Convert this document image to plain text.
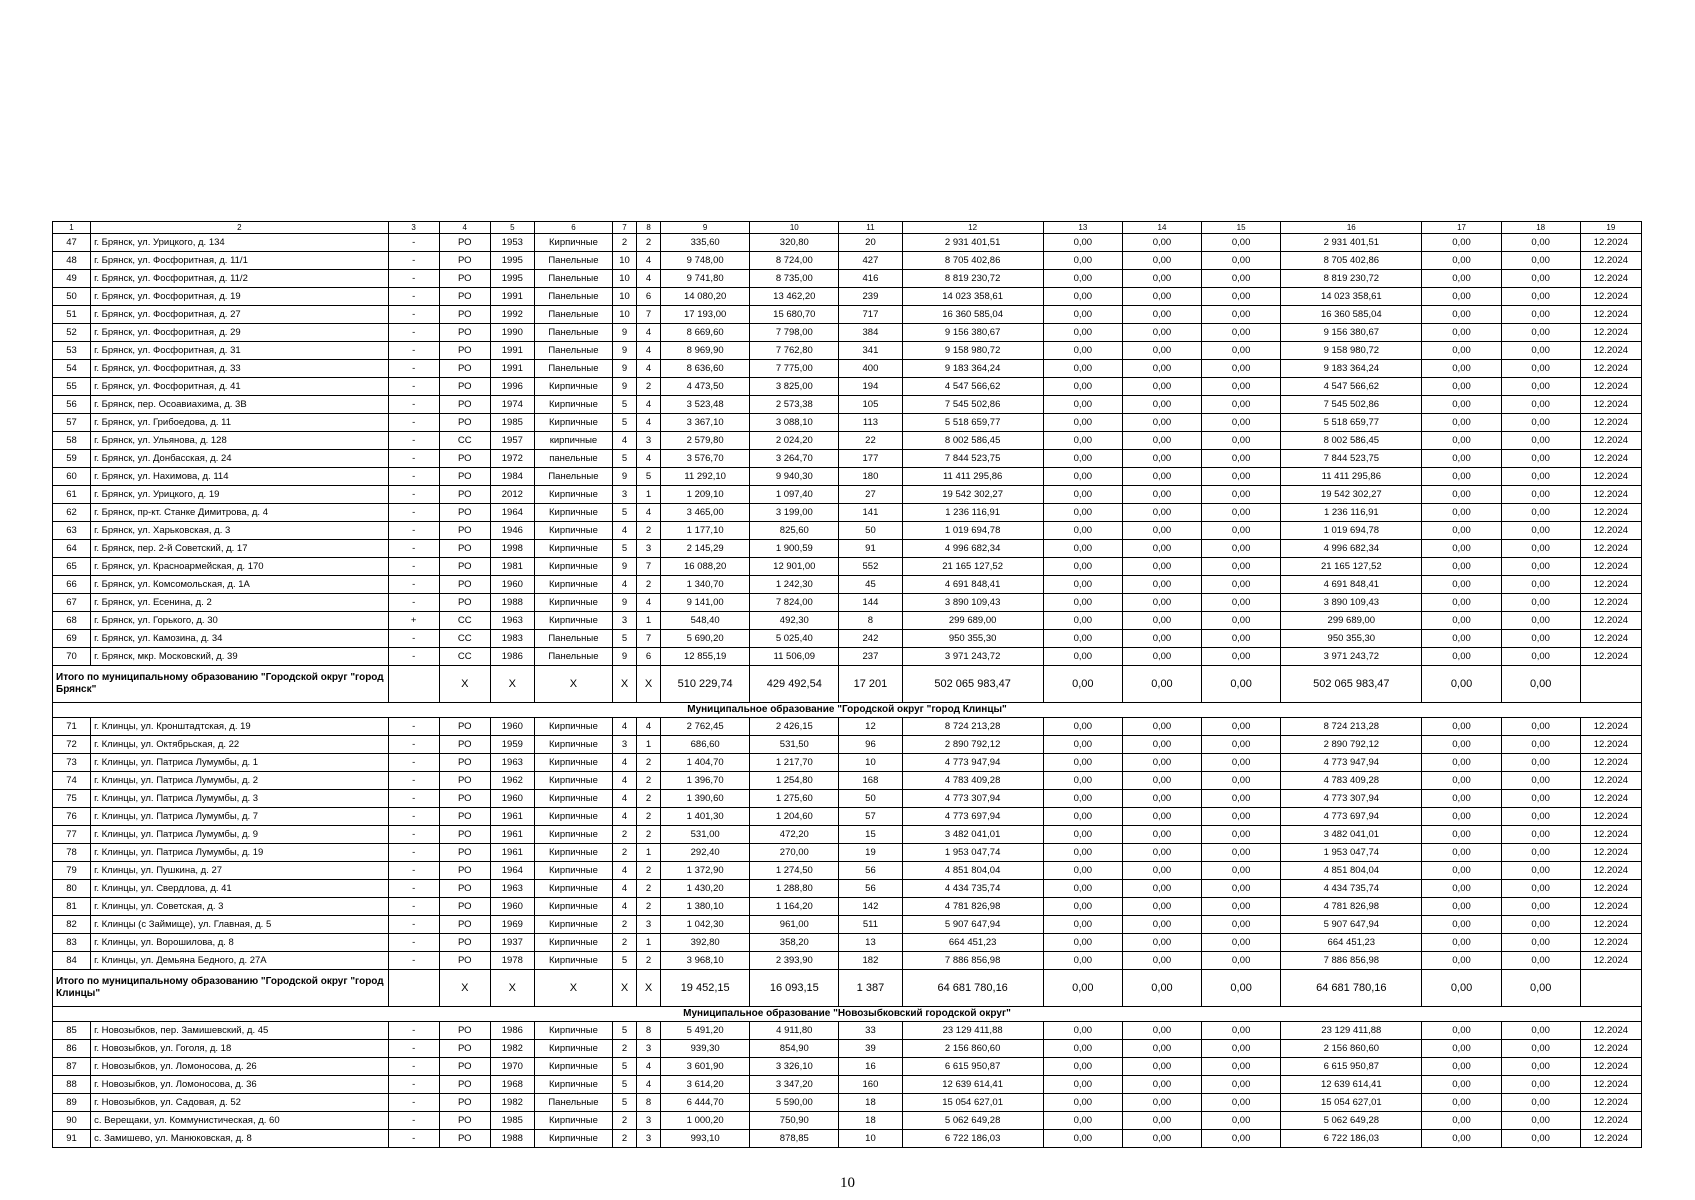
1	2	3	4	5	6	7	8	9	10	11	12	13	14	15	16	17	18	19
47	г. Брянск, ул. Урицкого, д. 134	-	РО	1953	Кирпичные	2	2	335,60	320,80	20	2 931 401,51	0,00	0,00	0,00	2 931 401,51	0,00	0,00	12.2024
48	г. Брянск, ул. Фосфоритная, д. 11/1	-	РО	1995	Панельные	10	4	9 748,00	8 724,00	427	8 705 402,86	0,00	0,00	0,00	8 705 402,86	0,00	0,00	12.2024
49	г. Брянск, ул. Фосфоритная, д. 11/2	-	РО	1995	Панельные	10	4	9 741,80	8 735,00	416	8 819 230,72	0,00	0,00	0,00	8 819 230,72	0,00	0,00	12.2024
50	г. Брянск, ул. Фосфоритная, д. 19	-	РО	1991	Панельные	10	6	14 080,20	13 462,20	239	14 023 358,61	0,00	0,00	0,00	14 023 358,61	0,00	0,00	12.2024
51	г. Брянск, ул. Фосфоритная, д. 27	-	РО	1992	Панельные	10	7	17 193,00	15 680,70	717	16 360 585,04	0,00	0,00	0,00	16 360 585,04	0,00	0,00	12.2024
52	г. Брянск, ул. Фосфоритная, д. 29	-	РО	1990	Панельные	9	4	8 669,60	7 798,00	384	9 156 380,67	0,00	0,00	0,00	9 156 380,67	0,00	0,00	12.2024
53	г. Брянск, ул. Фосфоритная, д. 31	-	РО	1991	Панельные	9	4	8 969,90	7 762,80	341	9 158 980,72	0,00	0,00	0,00	9 158 980,72	0,00	0,00	12.2024
54	г. Брянск, ул. Фосфоритная, д. 33	-	РО	1991	Панельные	9	4	8 636,60	7 775,00	400	9 183 364,24	0,00	0,00	0,00	9 183 364,24	0,00	0,00	12.2024
55	г. Брянск, ул. Фосфоритная, д. 41	-	РО	1996	Кирпичные	9	2	4 473,50	3 825,00	194	4 547 566,62	0,00	0,00	0,00	4 547 566,62	0,00	0,00	12.2024
56	г. Брянск, пер. Осоавиахима, д. 3В	-	РО	1974	Кирпичные	5	4	3 523,48	2 573,38	105	7 545 502,86	0,00	0,00	0,00	7 545 502,86	0,00	0,00	12.2024
57	г. Брянск, ул. Грибоедова, д. 11	-	РО	1985	Кирпичные	5	4	3 367,10	3 088,10	113	5 518 659,77	0,00	0,00	0,00	5 518 659,77	0,00	0,00	12.2024
58	г. Брянск, ул. Ульянова, д. 128	-	СС	1957	кирпичные	4	3	2 579,80	2 024,20	22	8 002 586,45	0,00	0,00	0,00	8 002 586,45	0,00	0,00	12.2024
59	г. Брянск, ул. Донбасская, д. 24	-	РО	1972	панельные	5	4	3 576,70	3 264,70	177	7 844 523,75	0,00	0,00	0,00	7 844 523,75	0,00	0,00	12.2024
60	г. Брянск, ул. Нахимова, д. 114	-	РО	1984	Панельные	9	5	11 292,10	9 940,30	180	11 411 295,86	0,00	0,00	0,00	11 411 295,86	0,00	0,00	12.2024
61	г. Брянск, ул. Урицкого, д. 19	-	РО	2012	Кирпичные	3	1	1 209,10	1 097,40	27	19 542 302,27	0,00	0,00	0,00	19 542 302,27	0,00	0,00	12.2024
62	г. Брянск, пр-кт. Станке Димитрова, д. 4	-	РО	1964	Кирпичные	5	4	3 465,00	3 199,00	141	1 236 116,91	0,00	0,00	0,00	1 236 116,91	0,00	0,00	12.2024
63	г. Брянск, ул. Харьковская, д. 3	-	РО	1946	Кирпичные	4	2	1 177,10	825,60	50	1 019 694,78	0,00	0,00	0,00	1 019 694,78	0,00	0,00	12.2024
64	г. Брянск, пер. 2-й Советский, д. 17	-	РО	1998	Кирпичные	5	3	2 145,29	1 900,59	91	4 996 682,34	0,00	0,00	0,00	4 996 682,34	0,00	0,00	12.2024
65	г. Брянск, ул. Красноармейская, д. 170	-	РО	1981	Кирпичные	9	7	16 088,20	12 901,00	552	21 165 127,52	0,00	0,00	0,00	21 165 127,52	0,00	0,00	12.2024
66	г. Брянск, ул. Комсомольская, д. 1А	-	РО	1960	Кирпичные	4	2	1 340,70	1 242,30	45	4 691 848,41	0,00	0,00	0,00	4 691 848,41	0,00	0,00	12.2024
67	г. Брянск, ул. Есенина, д. 2	-	РО	1988	Кирпичные	9	4	9 141,00	7 824,00	144	3 890 109,43	0,00	0,00	0,00	3 890 109,43	0,00	0,00	12.2024
68	г. Брянск, ул. Горького, д. 30	+	СС	1963	Кирпичные	3	1	548,40	492,30	8	299 689,00	0,00	0,00	0,00	299 689,00	0,00	0,00	12.2024
69	г. Брянск, ул. Камозина, д. 34	-	СС	1983	Панельные	5	7	5 690,20	5 025,40	242	950 355,30	0,00	0,00	0,00	950 355,30	0,00	0,00	12.2024
70	г. Брянск, мкр. Московский, д. 39	-	СС	1986	Панельные	9	6	12 855,19	11 506,09	237	3 971 243,72	0,00	0,00	0,00	3 971 243,72	0,00	0,00	12.2024
Итого по муниципальному образованию "Городской округ "город Брянск"			X	X	X	X	X	510 229,74	429 492,54	17 201	502 065 983,47	0,00	0,00	0,00	502 065 983,47	0,00	0,00	
Муниципальное образование "Городской округ "город Клинцы"																		
71	г. Клинцы, ул. Кронштадтская, д. 19	-	РО	1960	Кирпичные	4	4	2 762,45	2 426,15	12	8 724 213,28	0,00	0,00	0,00	8 724 213,28	0,00	0,00	12.2024
72	г. Клинцы, ул. Октябрьская, д. 22	-	РО	1959	Кирпичные	3	1	686,60	531,50	96	2 890 792,12	0,00	0,00	0,00	2 890 792,12	0,00	0,00	12.2024
73	г. Клинцы, ул. Патриса Лумумбы, д. 1	-	РО	1963	Кирпичные	4	2	1 404,70	1 217,70	10	4 773 947,94	0,00	0,00	0,00	4 773 947,94	0,00	0,00	12.2024
74	г. Клинцы, ул. Патриса Лумумбы, д. 2	-	РО	1962	Кирпичные	4	2	1 396,70	1 254,80	168	4 783 409,28	0,00	0,00	0,00	4 783 409,28	0,00	0,00	12.2024
75	г. Клинцы, ул. Патриса Лумумбы, д. 3	-	РО	1960	Кирпичные	4	2	1 390,60	1 275,60	50	4 773 307,94	0,00	0,00	0,00	4 773 307,94	0,00	0,00	12.2024
76	г. Клинцы, ул. Патриса Лумумбы, д. 7	-	РО	1961	Кирпичные	4	2	1 401,30	1 204,60	57	4 773 697,94	0,00	0,00	0,00	4 773 697,94	0,00	0,00	12.2024
77	г. Клинцы, ул. Патриса Лумумбы, д. 9	-	РО	1961	Кирпичные	2	2	531,00	472,20	15	3 482 041,01	0,00	0,00	0,00	3 482 041,01	0,00	0,00	12.2024
78	г. Клинцы, ул. Патриса Лумумбы, д. 19	-	РО	1961	Кирпичные	2	1	292,40	270,00	19	1 953 047,74	0,00	0,00	0,00	1 953 047,74	0,00	0,00	12.2024
79	г. Клинцы, ул. Пушкина, д. 27	-	РО	1964	Кирпичные	4	2	1 372,90	1 274,50	56	4 851 804,04	0,00	0,00	0,00	4 851 804,04	0,00	0,00	12.2024
80	г. Клинцы, ул. Свердлова, д. 41	-	РО	1963	Кирпичные	4	2	1 430,20	1 288,80	56	4 434 735,74	0,00	0,00	0,00	4 434 735,74	0,00	0,00	12.2024
81	г. Клинцы, ул. Советская, д. 3	-	РО	1960	Кирпичные	4	2	1 380,10	1 164,20	142	4 781 826,98	0,00	0,00	0,00	4 781 826,98	0,00	0,00	12.2024
82	г. Клинцы (с Займище), ул. Главная, д. 5	-	РО	1969	Кирпичные	2	3	1 042,30	961,00	511	5 907 647,94	0,00	0,00	0,00	5 907 647,94	0,00	0,00	12.2024
83	г. Клинцы, ул. Ворошилова, д. 8	-	РО	1937	Кирпичные	2	1	392,80	358,20	13	664 451,23	0,00	0,00	0,00	664 451,23	0,00	0,00	12.2024
84	г. Клинцы, ул. Демьяна Бедного, д. 27А	-	РО	1978	Кирпичные	5	2	3 968,10	2 393,90	182	7 886 856,98	0,00	0,00	0,00	7 886 856,98	0,00	0,00	12.2024
Итого по муниципальному образованию "Городской округ "город Клинцы"			X	X	X	X	X	19 452,15	16 093,15	1 387	64 681 780,16	0,00	0,00	0,00	64 681 780,16	0,00	0,00	
Муниципальное образование "Новозыбковский городской округ"																		
85	г. Новозыбков, пер. Замишевский, д. 45	-	РО	1986	Кирпичные	5	8	5 491,20	4 911,80	33	23 129 411,88	0,00	0,00	0,00	23 129 411,88	0,00	0,00	12.2024
86	г. Новозыбков, ул. Гоголя, д. 18	-	РО	1982	Кирпичные	2	3	939,30	854,90	39	2 156 860,60	0,00	0,00	0,00	2 156 860,60	0,00	0,00	12.2024
87	г. Новозыбков, ул. Ломоносова, д. 26	-	РО	1970	Кирпичные	5	4	3 601,90	3 326,10	16	6 615 950,87	0,00	0,00	0,00	6 615 950,87	0,00	0,00	12.2024
88	г. Новозыбков, ул. Ломоносова, д. 36	-	РО	1968	Кирпичные	5	4	3 614,20	3 347,20	160	12 639 614,41	0,00	0,00	0,00	12 639 614,41	0,00	0,00	12.2024
89	г. Новозыбков, ул. Садовая, д. 52	-	РО	1982	Панельные	5	8	6 444,70	5 590,00	18	15 054 627,01	0,00	0,00	0,00	15 054 627,01	0,00	0,00	12.2024
90	с. Верещаки, ул. Коммунистическая, д. 60	-	РО	1985	Кирпичные	2	3	1 000,20	750,90	18	5 062 649,28	0,00	0,00	0,00	5 062 649,28	0,00	0,00	12.2024
91	с. Замишево, ул. Манюковская, д. 8	-	РО	1988	Кирпичные	2	3	993,10	878,85	10	6 722 186,03	0,00	0,00	0,00	6 722 186,03	0,00	0,00	12.2024
10
